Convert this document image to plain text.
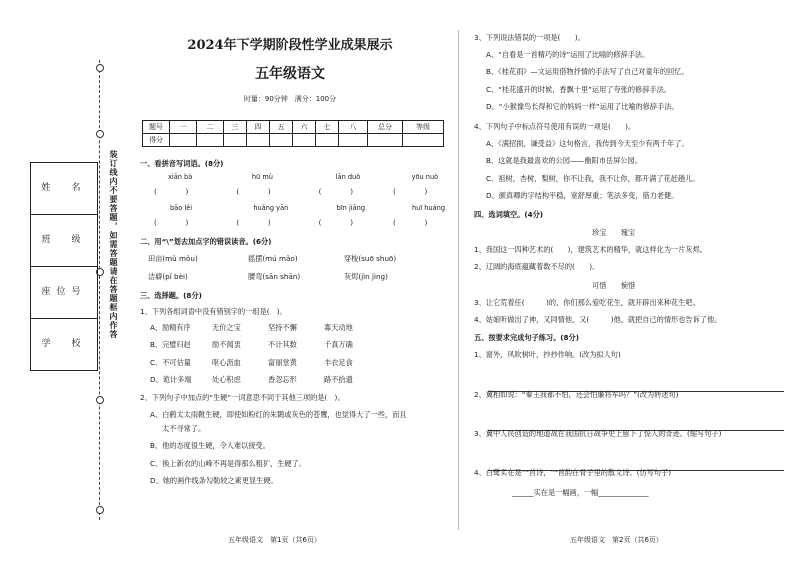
装订线内不要答题，如需答题请在答题框内作答
姓　名
班　级
座位号
学　校
2024年下学期阶段性学业成果展示
五年级语文
时量：90分钟　满分：100分
题号	一	二	三	四	五	六	七	八	总分	等级
得分										
一、看拼音写词语。(8分)
xiān bà	hū mù	lān duò	yōu nuò
(　　　　)	(　　　　)	(　　　　)	(　　　　)
bāo lěi	huǎng yān	bīn jiāng	huī huáng
(　　　　)	(　　　　)	(　　　　)	(　　　　)
二、用“\”划去加点字的错误读音。(6分)
田亩(mǔ mǒu)	摇摆(mú mǎo)	穿梭(suō shuō)
洁癖(pǐ bèi)	腰弯(sān shān)	灰烬(jìn jìng)
三、选择题。(8分)
1、下列各组词语中没有错别字的一组是(　)。
A、励精有序	无价之宝	坚持不懈	寡天动地
B、完璧归赵	励不闻衷	不计其数	千真万确
C、不可估量	呕心沥血	富丽堂黄	丰衣足食
D、诡计多端	处心积虑	香忽忘形	路不拾遗
2、下列句子中加点的“生硬”一词意思不同于其他三项的是(　)。
A、白鹤太太雨靴生硬，即使如粉红的朱鹮或灰色的苍鹰，也觉得大了一些，而且
太不寻常了。
B、他的态度很生硬，令人难以接受。
C、换上新衣的山峰不再是得那么粗犷，生硬了。
D、她的画作线条勾勒较之素更显生硬。
五年级语文　第1页（共6页）
3、下列说法错误的一项是(　　)。
A、“自看是一首精巧的诗”运用了比喻的修辞手法。
B、《桂花雨》—文运用借物抒情的手法写了自己对童年的回忆。
C、“桂花盛开的时候，香飘十里”运用了夸张的修辞手法。
D、“小猴像鸟长得和它的妈妈一样”运用了比喻的修辞手法。
4、下列句子中标点符号使用有误的一项是(　　)。
A、《满招损，谦受益》这句格言，我传到今天至少有两千年了。
B、这就是我最喜欢的公园——衡阳市岳屏公园。
C、祖树，杏树，梨树，你不让我，我不让你，都开满了花赶趟儿。
D、颜真卿的字结构平稳，宽舒厚重；笔法多变，筋力老健。
四、选词填空。(4分)
珍宝　　瑰宝
1、我国这一四种艺术的(　　)，建筑艺术的精华，就这样化为一片灰烬。
2、辽阔的海底蕴藏着数不尽的(　　)。
可惜　　惋惜
3、让它荒着任(　　　)的，你们那么爱吃花生，就开辟出来种花生吧。
4、姑娘听做出了神，又同情他，又(　　　)他，就把自己的情形也告诉了他。
五、按要求完成句子练习。(8分)
1、窗外，风吹树叶，抄抄作响。(改为拟人句)
2、冀相如说：“秦王我都不怕，还会怕廉将军吗？”(改为转述句)
3、冀中人民创造的地道战在我国抗日战争史上留下了惊人的奇迹。(缩写句子)
4、白鹭实在是一首诗，一首韵在骨子里的散文诗。(仿写句子)
______实在是一幅画，一幅______________
五年级语文　第2页（共6页）
